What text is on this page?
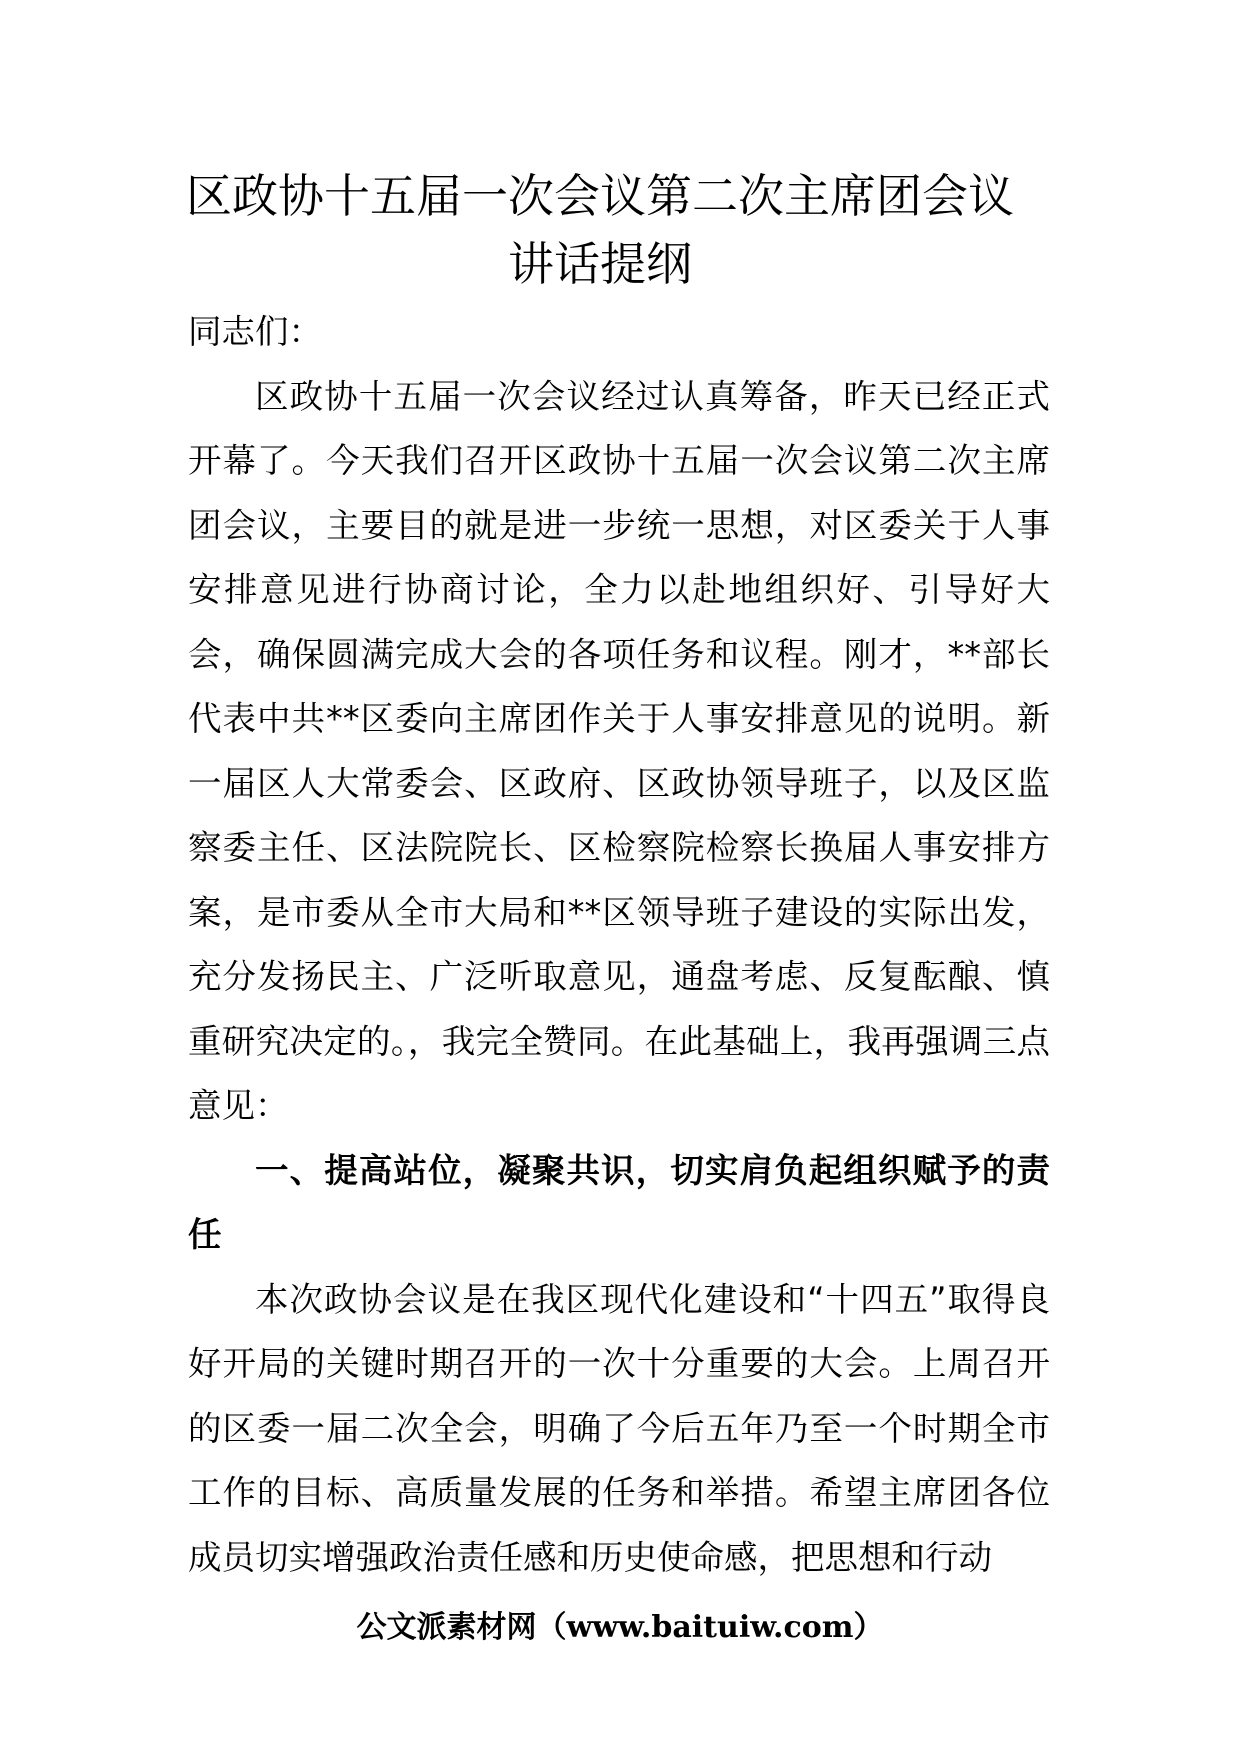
区政协十五届一次会议第二次主席团会议
讲话提纲

同志们：

区政协十五届一次会议经过认真筹备，昨天已经正式开幕了。今天我们召开区政协十五届一次会议第二次主席团会议，主要目的就是进一步统一思想，对区委关于人事安排意见进行协商讨论，全力以赴地组织好、引导好大会，确保圆满完成大会的各项任务和议程。刚才，**部长代表中共**区委向主席团作关于人事安排意见的说明。新一届区人大常委会、区政府、区政协领导班子，以及区监察委主任、区法院院长、区检察院检察长换届人事安排方案，是市委从全市大局和**区领导班子建设的实际出发，充分发扬民主、广泛听取意见，通盘考虑、反复酝酿、慎重研究决定的。，我完全赞同。在此基础上，我再强调三点意见：

一、提高站位，凝聚共识，切实肩负起组织赋予的责任

本次政协会议是在我区现代化建设和“十四五”取得良好开局的关键时期召开的一次十分重要的大会。上周召开的区委一届二次全会，明确了今后五年乃至一个时期全市工作的目标、高质量发展的任务和举措。希望主席团各位成员切实增强政治责任感和历史使命感，把思想和行动

公文派素材网（www.baituiw.com）
